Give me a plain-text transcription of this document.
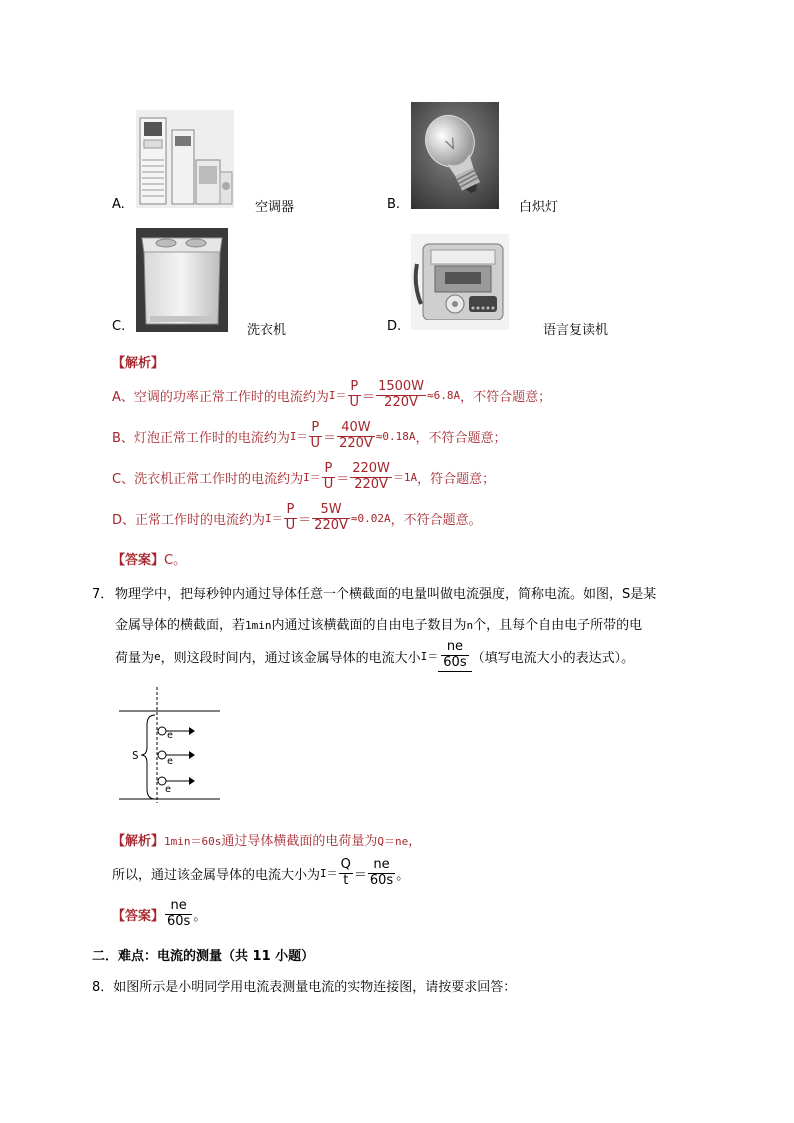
A.	空调器	B.	白炽灯
C.	洗衣机	D.	语言复读机
【解析】
A、空调的功率正常工作时的电流约为 $I= \frac{P}{U} = \frac{1500W}{220V} \approx 6.8A$ ，不符合题意；
B、灯泡正常工作时的电流约为 $I= \frac{P}{U} = \frac{40W}{220V} \approx 0.18A$ ，不符合题意；
C、洗衣机正常工作时的电流约为 $I= \frac{P}{U} = \frac{220W}{220V} =1A$ ，符合题意；
D、正常工作时的电流约为 $I= \frac{P}{U} = \frac{5W}{220V} \approx 0.02A$ ，不符合题意。
【答案】C。
7． 物理学中，把每秒钟内通过导体任意一个横截面的电量叫做电流强度，简称电流。如图，S是某
金属导体的横截面，若1min内通过该横截面的自由电子数目为n个，且每个自由电子所带的电
荷量为 e ，则这段时间内，通过该金属导体的电流大小 $I= \frac{ne}{60s}$ （填写电流大小的表达式）。
S
e
e
e
【解析】1min＝60s通过导体横截面的电荷量为Q＝ne，
所以，通过该金属导体的电流大小为 $I= \frac{Q}{t} = \frac{ne}{60s}$ 。
【答案】 $\frac{ne}{60s}$ 。
二．难点：电流的测量（共 11 小题）
8．如图所示是小明同学用电流表测量电流的实物连接图，请按要求回答：
